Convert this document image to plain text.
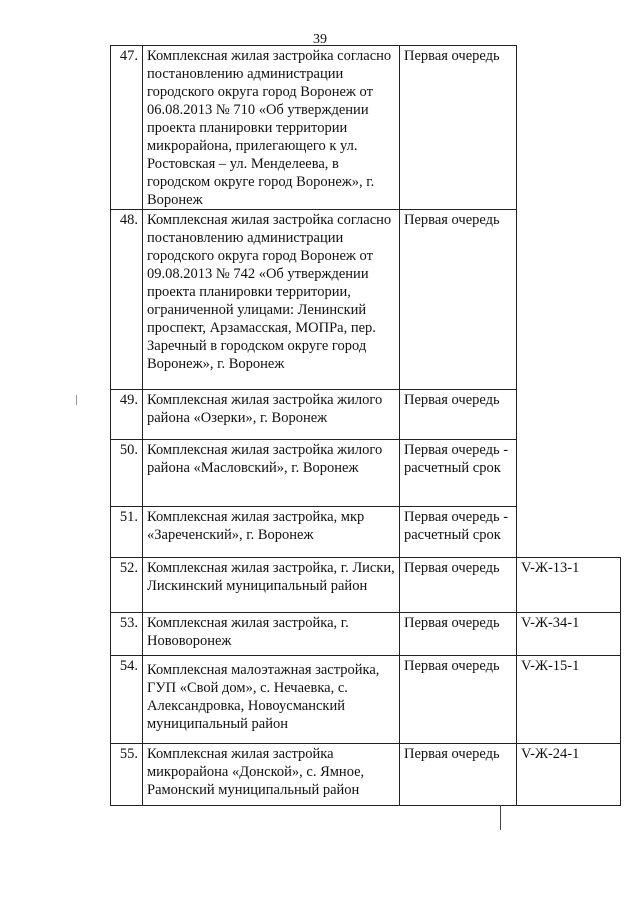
39
47.	Комплексная жилая застройка согласно постановлению администрации городского округа город Воронеж от 06.08.2013 № 710 «Об утверждении проекта планировки территории микрорайона, прилегающего к ул. Ростовская – ул. Менделеева, в городском округе город Воронеж», г. Воронеж	Первая очередь	
48.	Комплексная жилая застройка согласно постановлению администрации городского округа город Воронеж от 09.08.2013 № 742 «Об утверждении проекта планировки территории, ограниченной улицами: Ленинский проспект, Арзамасская, МОПРа, пер. Заречный в городском округе город Воронеж», г. Воронеж	Первая очередь	
49.	Комплексная жилая застройка жилого района «Озерки», г. Воронеж	Первая очередь	
50.	Комплексная жилая застройка жилого района «Масловский», г. Воронеж	Первая очередь - расчетный срок	
51.	Комплексная жилая застройка, мкр «Зареченский», г. Воронеж	Первая очередь - расчетный срок	
52.	Комплексная жилая застройка, г. Лиски, Лискинский муниципальный район	Первая очередь	V-Ж-13-1
53.	Комплексная жилая застройка, г. Нововоронеж	Первая очередь	V-Ж-34-1
54.	Комплексная малоэтажная застройка, ГУП «Свой дом», с. Нечаевка, с. Александровка, Новоусманский муниципальный район	Первая очередь	V-Ж-15-1
55.	Комплексная жилая застройка микрорайона «Донской», с. Ямное, Рамонский муниципальный район	Первая очередь	V-Ж-24-1
